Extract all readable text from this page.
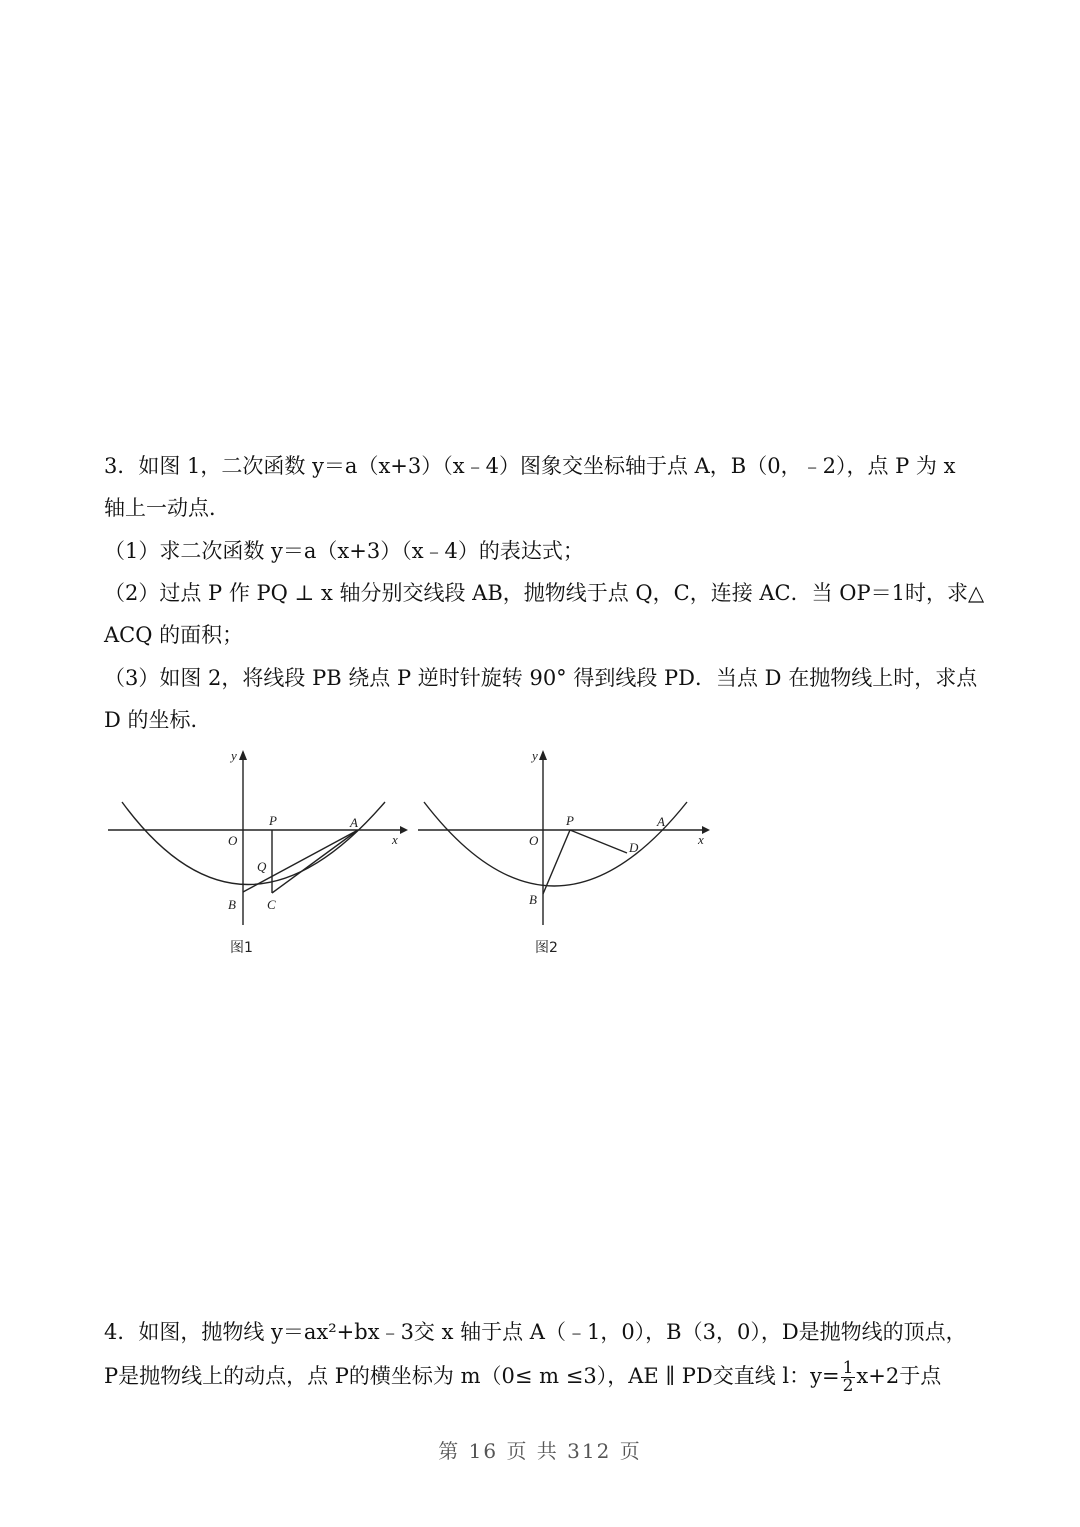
3．如图 1，二次函数 y＝a（x+3）（x﹣4）图象交坐标轴于点 A，B（0，﹣2），点 P 为 x
轴上一动点．
（1）求二次函数 y＝a（x+3）（x﹣4）的表达式；
（2）过点 P 作 PQ ⊥ x 轴分别交线段 AB，抛物线于点 Q，C，连接 AC．当 OP＝1时，求△
ACQ 的面积；
（3）如图 2，将线段 PB 绕点 P 逆时针旋转 90° 得到线段 PD．当点 D 在抛物线上时，求点
D 的坐标．
y
x
O
P	A
Q
B C
图1
y
x
O
P	A
D
B
图2
4．如图，抛物线 y＝ax²+bx﹣3交 x 轴于点 A（﹣1，0），B（3，0），D是抛物线的顶点，
P是抛物线上的动点，点 P的横坐标为 m（0≤ m ≤3），AE ∥ PD交直线 l：$y= \frac{1}{2} x+2$于点
第 16 页 共 312 页
